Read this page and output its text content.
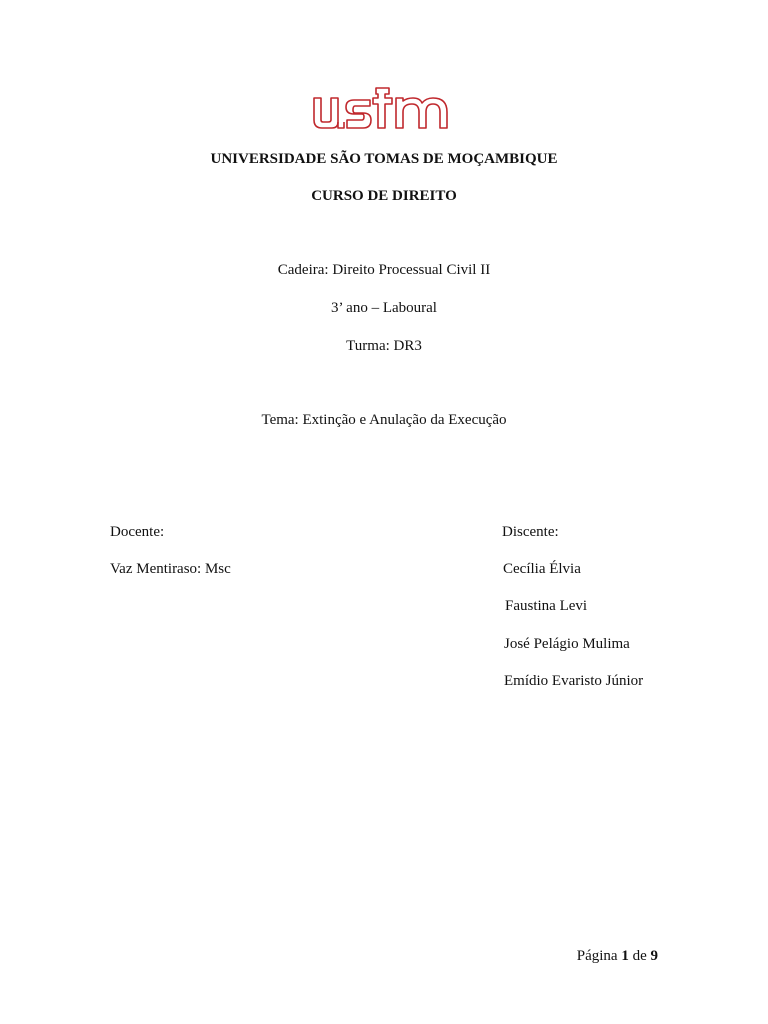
UNIVERSIDADE SÃO TOMAS DE MOÇAMBIQUE
CURSO DE DIREITO
Cadeira: Direito Processual Civil II
3’ ano – Laboural
Turma: DR3
Tema: Extinção e Anulação da Execução
Docente:
Vaz Mentiraso: Msc
Discente:
Cecília Élvia
Faustina Levi
José Pelágio Mulima
Emídio Evaristo Júnior
Página 1 de 9
